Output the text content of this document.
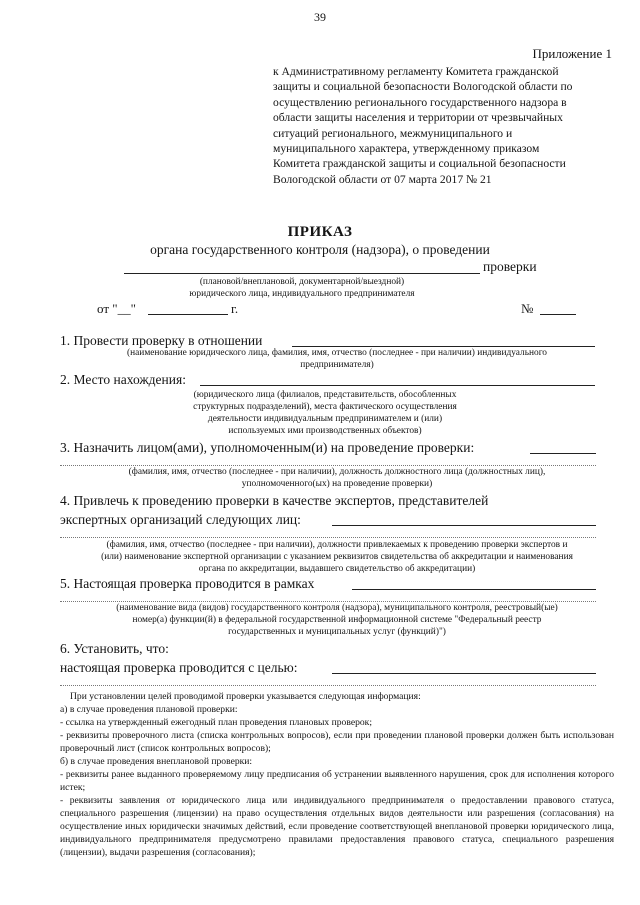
39
Приложение 1
к Административному регламенту Комитета гражданской
защиты и социальной безопасности Вологодской области по
осуществлению регионального государственного надзора в
области защиты населения и территории от чрезвычайных
ситуаций регионального, межмуниципального и
муниципального характера, утвержденному приказом
Комитета гражданской защиты и социальной безопасности
Вологодской области от 07 марта 2017 № 21
ПРИКАЗ
органа государственного контроля (надзора), о проведении
проверки
(плановой/внеплановой, документарной/выездной)
юридического лица, индивидуального предпринимателя
от "__"	г.	№
1. Провести проверку в отношении
(наименование юридического лица, фамилия, имя, отчество (последнее - при наличии) индивидуального
предпринимателя)
2. Место нахождения:
(юридического лица (филиалов, представительств, обособленных
структурных подразделений), места фактического осуществления
деятельности индивидуальным предпринимателем и (или)
используемых ими производственных объектов)
3. Назначить лицом(ами), уполномоченным(и) на проведение проверки:
(фамилия, имя, отчество (последнее - при наличии), должность должностного лица (должностных лиц),
уполномоченного(ых) на проведение проверки)
4. Привлечь к проведению проверки в качестве экспертов, представителей
экспертных организаций следующих лиц:
(фамилия, имя, отчество (последнее - при наличии), должности привлекаемых к проведению проверки экспертов и
(или) наименование экспертной организации с указанием реквизитов свидетельства об аккредитации и наименования
органа по аккредитации, выдавшего свидетельство об аккредитации)
5. Настоящая проверка проводится в рамках
(наименование вида (видов) государственного контроля (надзора), муниципального контроля, реестровый(ые)
номер(а) функции(й) в федеральной государственной информационной системе "Федеральный реестр
государственных и муниципальных услуг (функций)")
6. Установить, что:
настоящая проверка проводится с целью:
При установлении целей проводимой проверки указывается следующая информация:
а) в случае проведения плановой проверки:
- ссылка на утвержденный ежегодный план проведения плановых проверок;
- реквизиты проверочного листа (списка контрольных вопросов), если при проведении плановой проверки должен быть использован проверочный лист (список контрольных вопросов);
б) в случае проведения внеплановой проверки:
- реквизиты ранее выданного проверяемому лицу предписания об устранении выявленного нарушения, срок для исполнения которого истек;
- реквизиты заявления от юридического лица или индивидуального предпринимателя о предоставлении правового статуса, специального разрешения (лицензии) на право осуществления отдельных видов деятельности или разрешения (согласования) на осуществление иных юридически значимых действий, если проведение соответствующей внеплановой проверки юридического лица, индивидуального предпринимателя предусмотрено правилами предоставления правового статуса, специального разрешения (лицензии), выдачи разрешения (согласования);
